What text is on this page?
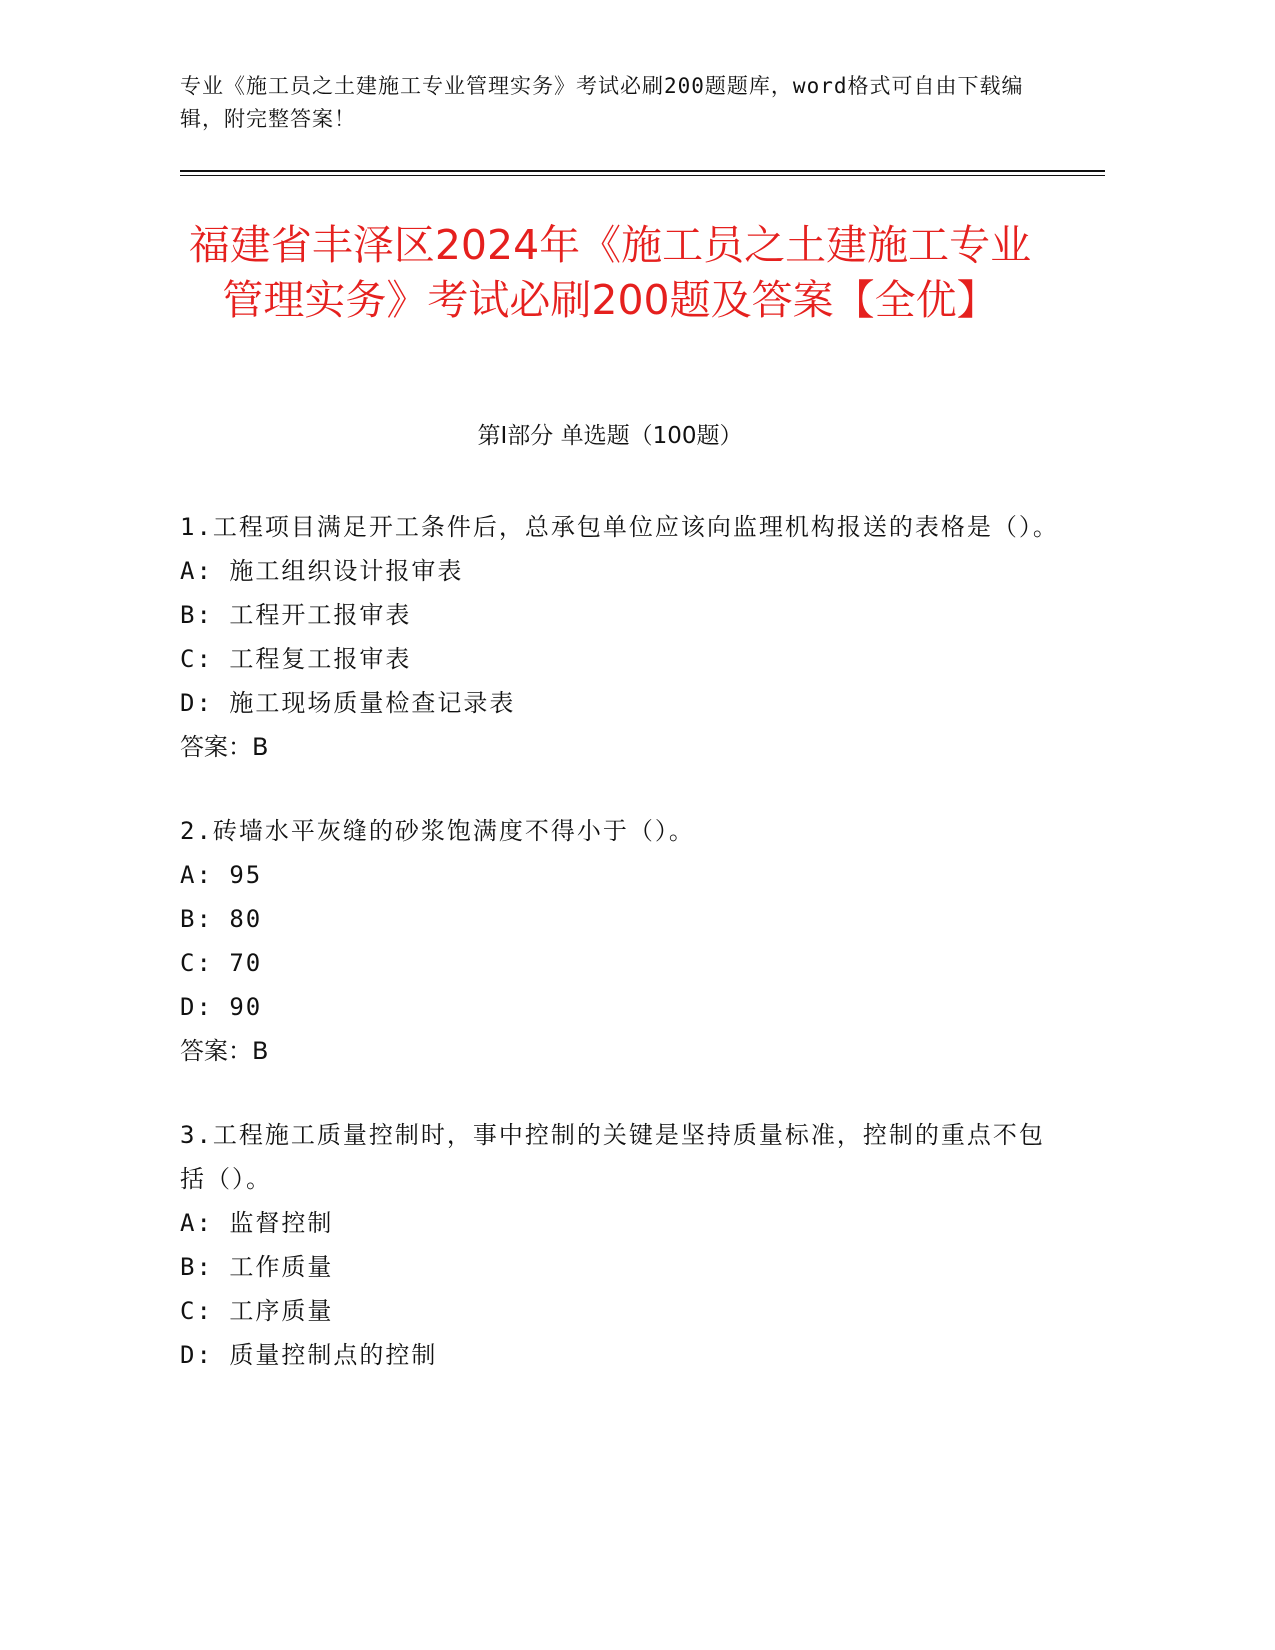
专业《施工员之土建施工专业管理实务》考试必刷200题题库，word格式可自由下载编辑，附完整答案！
福建省丰泽区2024年《施工员之土建施工专业管理实务》考试必刷200题及答案【全优】
第Ⅰ部分 单选题（100题）

1.工程项目满足开工条件后，总承包单位应该向监理机构报送的表格是（）。

A: 施工组织设计报审表

B: 工程开工报审表

C: 工程复工报审表

D: 施工现场质量检查记录表

答案：B

2.砖墙水平灰缝的砂浆饱满度不得小于（）。

A: 95

B: 80

C: 70

D: 90

答案：B

3.工程施工质量控制时，事中控制的关键是坚持质量标准，控制的重点不包括（）。

A: 监督控制

B: 工作质量

C: 工序质量

D: 质量控制点的控制
